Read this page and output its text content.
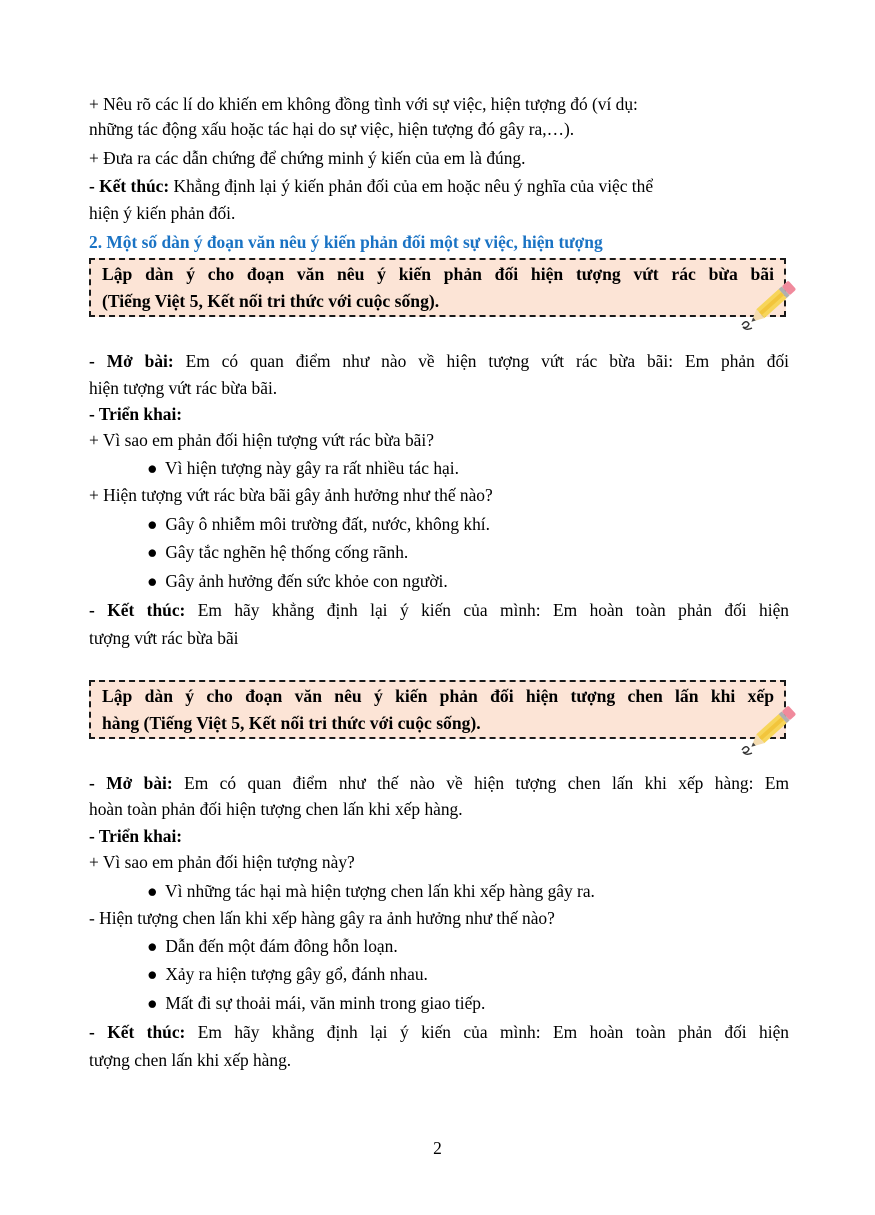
+ Nêu rõ các lí do khiến em không đồng tình với sự việc, hiện tượng đó (ví dụ:
những tác động xấu hoặc tác hại do sự việc, hiện tượng đó gây ra,…).
+ Đưa ra các dẫn chứng để chứng minh ý kiến của em là đúng.
- Kết thúc: Khẳng định lại ý kiến phản đối của em hoặc nêu ý nghĩa của việc thể
hiện ý kiến phản đối.
2. Một số dàn ý đoạn văn nêu ý kiến phản đối một sự việc, hiện tượng
Lập dàn ý cho đoạn văn nêu ý kiến phản đối hiện tượng vứt rác bừa bãi
(Tiếng Việt 5, Kết nối tri thức với cuộc sống).
- Mở bài: Em có quan điểm như nào về hiện tượng vứt rác bừa bãi: Em phản đối
hiện tượng vứt rác bừa bãi.
- Triển khai:
+ Vì sao em phản đối hiện tượng vứt rác bừa bãi?
● Vì hiện tượng này gây ra rất nhiều tác hại.
+ Hiện tượng vứt rác bừa bãi gây ảnh hưởng như thế nào?
● Gây ô nhiễm môi trường đất, nước, không khí.
● Gây tắc nghẽn hệ thống cống rãnh.
● Gây ảnh hưởng đến sức khỏe con người.
- Kết thúc: Em hãy khẳng định lại ý kiến của mình: Em hoàn toàn phản đối hiện
tượng vứt rác bừa bãi
Lập dàn ý cho đoạn văn nêu ý kiến phản đối hiện tượng chen lấn khi xếp
hàng (Tiếng Việt 5, Kết nối tri thức với cuộc sống).
- Mở bài: Em có quan điểm như thế nào về hiện tượng chen lấn khi xếp hàng: Em
hoàn toàn phản đối hiện tượng chen lấn khi xếp hàng.
- Triển khai:
+ Vì sao em phản đối hiện tượng này?
● Vì những tác hại mà hiện tượng chen lấn khi xếp hàng gây ra.
- Hiện tượng chen lấn khi xếp hàng gây ra ảnh hưởng như thế nào?
● Dẫn đến một đám đông hỗn loạn.
● Xảy ra hiện tượng gây gổ, đánh nhau.
● Mất đi sự thoải mái, văn minh trong giao tiếp.
- Kết thúc: Em hãy khẳng định lại ý kiến của mình: Em hoàn toàn phản đối hiện
tượng chen lấn khi xếp hàng.
2
